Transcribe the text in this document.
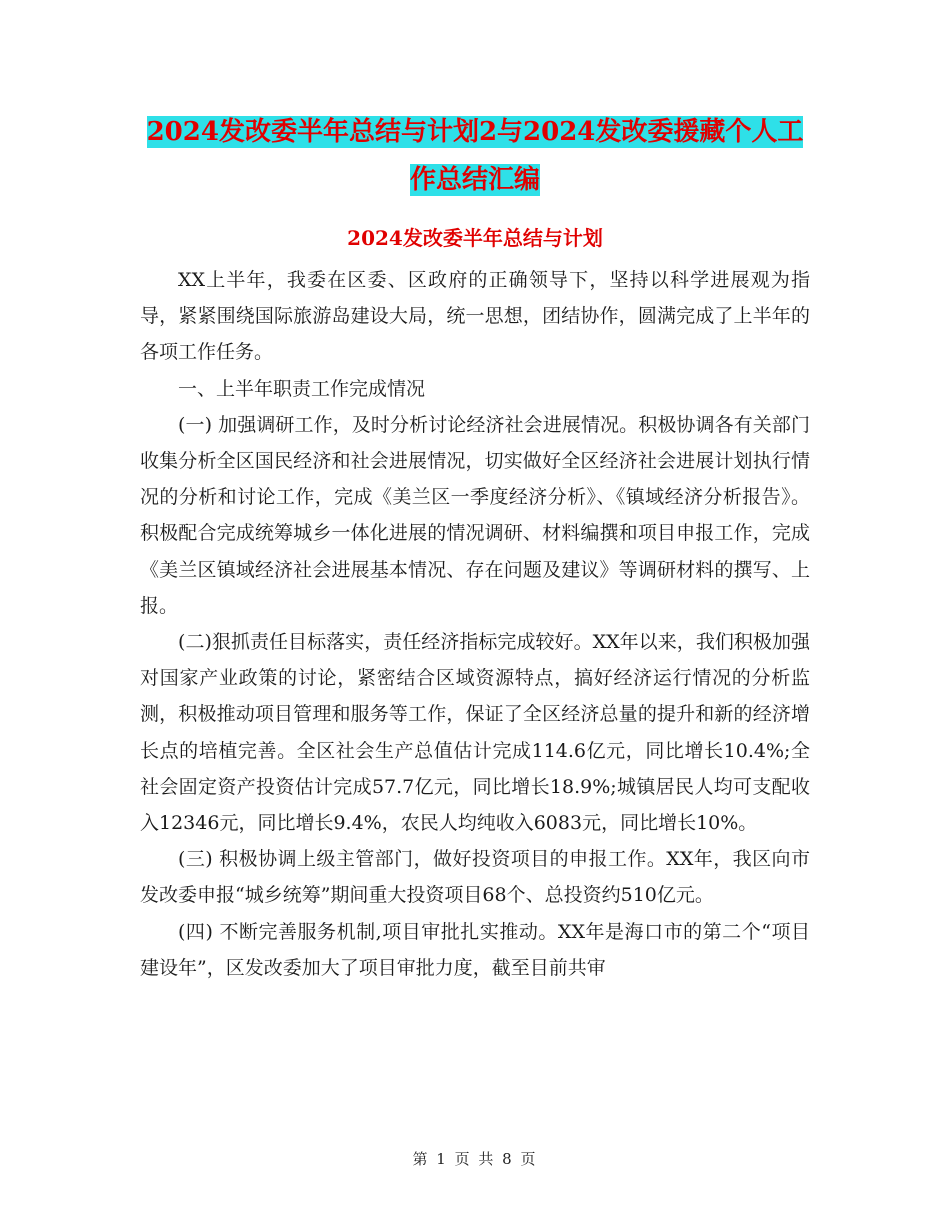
2024发改委半年总结与计划2与2024发改委援藏个人工作总结汇编
2024发改委半年总结与计划

XX上半年，我委在区委、区政府的正确领导下，坚持以科学进展观为指导，紧紧围绕国际旅游岛建设大局，统一思想，团结协作，圆满完成了上半年的各项工作任务。

一、上半年职责工作完成情况

(一) 加强调研工作，及时分析讨论经济社会进展情况。积极协调各有关部门收集分析全区国民经济和社会进展情况，切实做好全区经济社会进展计划执行情况的分析和讨论工作，完成《美兰区一季度经济分析》、《镇域经济分析报告》。积极配合完成统筹城乡一体化进展的情况调研、材料编撰和项目申报工作，完成《美兰区镇域经济社会进展基本情况、存在问题及建议》等调研材料的撰写、上报。

(二)狠抓责任目标落实，责任经济指标完成较好。XX年以来，我们积极加强对国家产业政策的讨论，紧密结合区域资源特点，搞好经济运行情况的分析监测，积极推动项目管理和服务等工作，保证了全区经济总量的提升和新的经济增长点的培植完善。全区社会生产总值估计完成114.6亿元，同比增长10.4%;全社会固定资产投资估计完成57.7亿元，同比增长18.9%;城镇居民人均可支配收入12346元，同比增长9.4%，农民人均纯收入6083元，同比增长10%。

(三) 积极协调上级主管部门，做好投资项目的申报工作。XX年，我区向市发改委申报“城乡统筹”期间重大投资项目68个、总投资约510亿元。

(四) 不断完善服务机制,项目审批扎实推动。XX年是海口市的第二个“项目建设年”，区发改委加大了项目审批力度，截至目前共审

第 1 页 共 8 页
